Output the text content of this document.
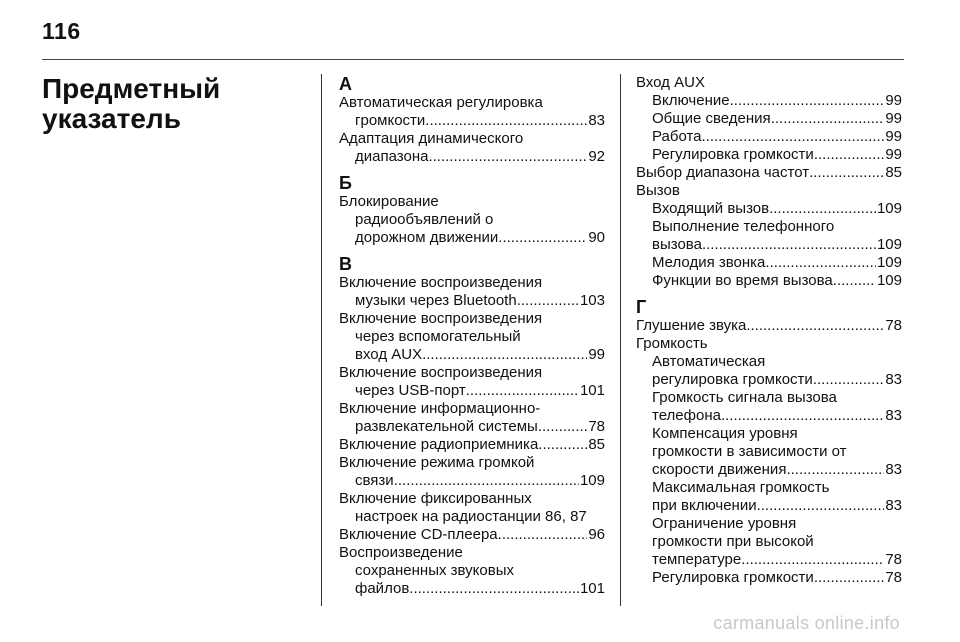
116
Предметный
указатель
А
Автоматическая регулировка
громкости .....	83
Адаптация динамического
диапазона .....	92
Б
Блокирование
радиообъявлений о
дорожном движении .....	90
В
Включение воспроизведения
музыки через Bluetooth .....	103
Включение воспроизведения
через вспомогательный
вход AUX .....	99
Включение воспроизведения
через USB-порт .....	101
Включение информационно-
развлекательной системы .....	78
Включение радиоприемника .....	85
Включение режима громкой
связи .....	109
Включение фиксированных
настроек на радиостанции 86, 87
Включение CD-плеера .....	96
Воспроизведение
сохраненных звуковых
файлов .....	101
Вход AUX
Включение .....	99
Общие сведения .....	99
Работа .....	99
Регулировка громкости .....	99
Выбор диапазона частот .....	85
Вызов
Входящий вызов .....	109
Выполнение телефонного
вызова .....	109
Мелодия звонка .....	109
Функции во время вызова .....	109
Г
Глушение звука .....	78
Громкость
Автоматическая
регулировка громкости .....	83
Громкость сигнала вызова
телефона .....	83
Компенсация уровня
громкости в зависимости от
скорости движения .....	83
Максимальная громкость
при включении .....	83
Ограничение уровня
громкости при высокой
температуре .....	78
Регулировка громкости .....	78
carmanuals online.info
